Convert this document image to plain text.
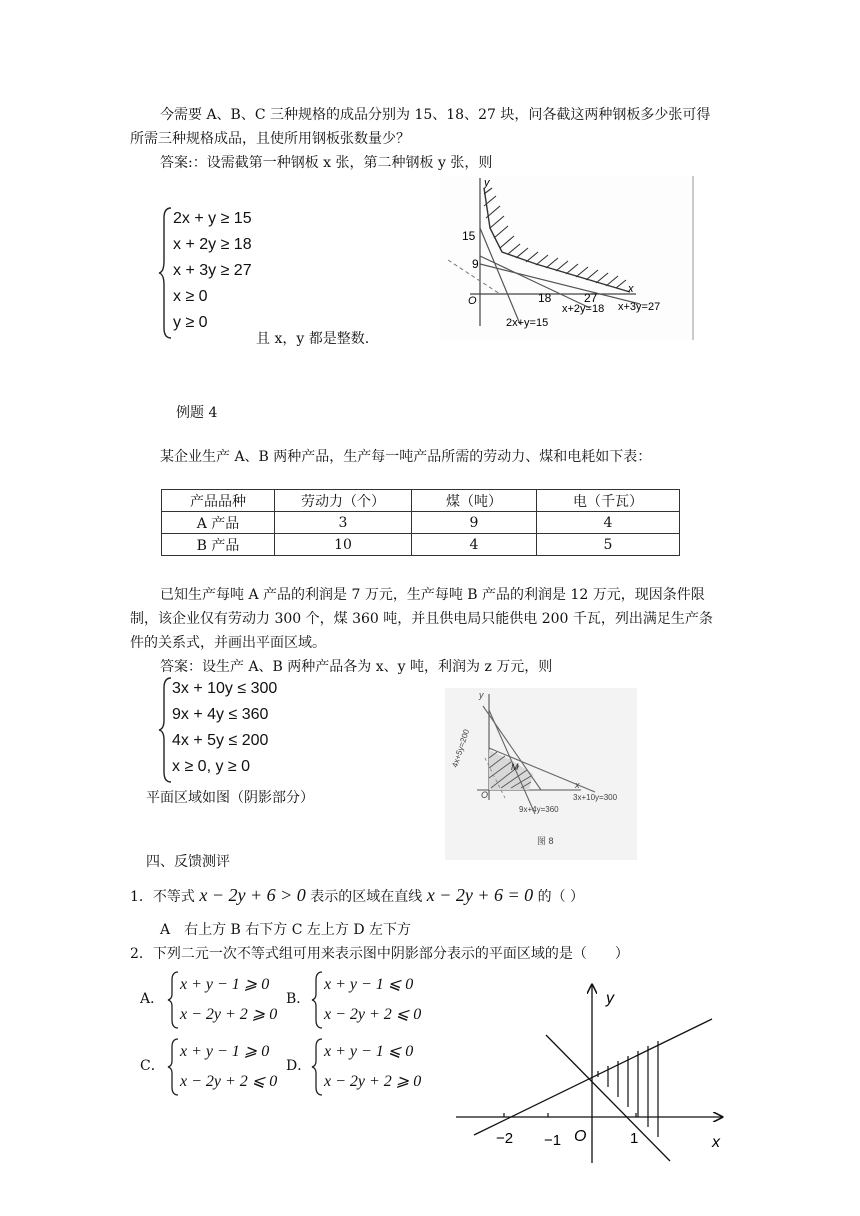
今需要 A、B、C 三种规格的成品分别为 15、18、27 块，问各截这两种钢板多少张可得
所需三种规格成品，且使所用钢板张数量少？
答案:：设需截第一种钢板 x 张，第二种钢板 y 张，则
2x + y ≥ 15
x + 2y ≥ 18
x + 3y ≥ 27
x ≥ 0
y ≥ 0
且 x，y 都是整数.
y
x
O
15
9
18	27
x+2y=18 x+3y=27
2x+y=15
例题 4
某企业生产 A、B 两种产品，生产每一吨产品所需的劳动力、煤和电耗如下表：
产品品种	劳动力（个）	煤（吨）	电（千瓦）
A 产品	3	9	4
B 产品	10	4	5
已知生产每吨 A 产品的利润是 7 万元，生产每吨 B 产品的利润是 12 万元，现因条件限
制，该企业仅有劳动力 300 个，煤 360 吨，并且供电局只能供电 200 千瓦，列出满足生产条
件的关系式，并画出平面区域。
答案：设生产 A、B 两种产品各为 x、y 吨，利润为 z 万元，则
3x + 10y ≤ 300
9x + 4y ≤ 360
4x + 5y ≤ 200
x ≥ 0, y ≥ 0
平面区域如图（阴影部分）
y
x
O
M
4x+5y=200
3x+10y=300
9x+4y=360
图 8
四、反馈测评
1．不等式 x − 2y + 6 > 0 表示的区域在直线 x − 2y + 6 = 0 的（ ）
A　右上方 B 右下方 C 左上方 D 左下方
2．下列二元一次不等式组可用来表示图中阴影部分表示的平面区域的是（　　）
A．
x + y − 1 ⩾ 0
x − 2y + 2 ⩾ 0
B．
x + y − 1 ⩽ 0
x − 2y + 2 ⩽ 0
C．
x + y − 1 ⩾ 0
x − 2y + 2 ⩽ 0
D．
x + y − 1 ⩽ 0
x − 2y + 2 ⩾ 0
y
x
O
−2 −1	1
